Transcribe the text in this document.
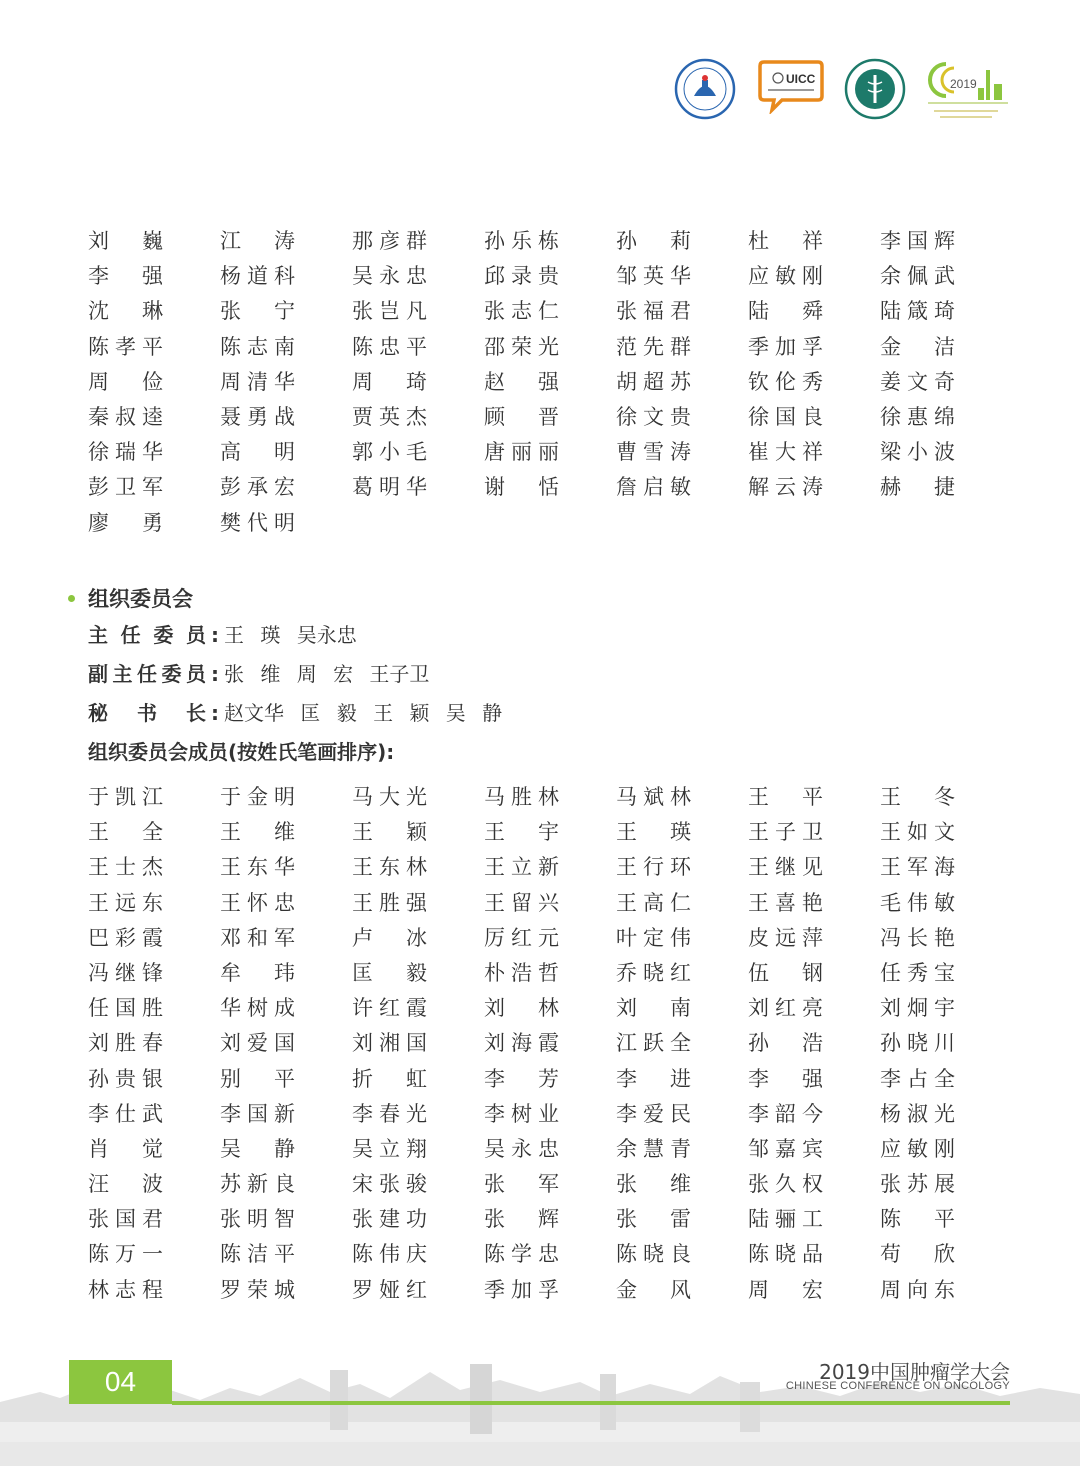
UICC	2019
刘巍	江涛	那彦群	孙乐栋	孙莉	杜祥	李国辉
李强	杨道科	吴永忠	邱录贵	邹英华	应敏刚	余佩武
沈琳	张宁	张岂凡	张志仁	张福君	陆舜	陆箴琦
陈孝平	陈志南	陈忠平	邵荣光	范先群	季加孚	金洁
周俭	周清华	周琦	赵强	胡超苏	钦伦秀	姜文奇
秦叔逵	聂勇战	贾英杰	顾晋	徐文贵	徐国良	徐惠绵
徐瑞华	高明	郭小毛	唐丽丽	曹雪涛	崔大祥	梁小波
彭卫军	彭承宏	葛明华	谢恬	詹启敏	解云涛	赫捷
廖勇	樊代明
组织委员会
主任委员 : 王 瑛 吴永忠
副主任委员 : 张 维 周 宏 王子卫
秘书长 : 赵文华 匡 毅 王 颖 吴 静
组织委员会成员(按姓氏笔画排序):
于凯江	于金明	马大光	马胜林	马斌林	王平	王冬
王全	王维	王颖	王宇	王瑛	王子卫	王如文
王士杰	王东华	王东林	王立新	王行环	王继见	王军海
王远东	王怀忠	王胜强	王留兴	王高仁	王喜艳	毛伟敏
巴彩霞	邓和军	卢冰	厉红元	叶定伟	皮远萍	冯长艳
冯继锋	牟玮	匡毅	朴浩哲	乔晓红	伍钢	任秀宝
任国胜	华树成	许红霞	刘林	刘南	刘红亮	刘炯宇
刘胜春	刘爱国	刘湘国	刘海霞	江跃全	孙浩	孙晓川
孙贵银	别平	折虹	李芳	李进	李强	李占全
李仕武	李国新	李春光	李树业	李爱民	李韶今	杨淑光
肖觉	吴静	吴立翔	吴永忠	余慧青	邹嘉宾	应敏刚
汪波	苏新良	宋张骏	张军	张维	张久权	张苏展
张国君	张明智	张建功	张辉	张雷	陆骊工	陈平
陈万一	陈洁平	陈伟庆	陈学忠	陈晓良	陈晓品	苟欣
林志程	罗荣城	罗娅红	季加孚	金风	周宏	周向东
04	2019中国肿瘤学大会
CHINESE CONFERENCE ON ONCOLOGY
